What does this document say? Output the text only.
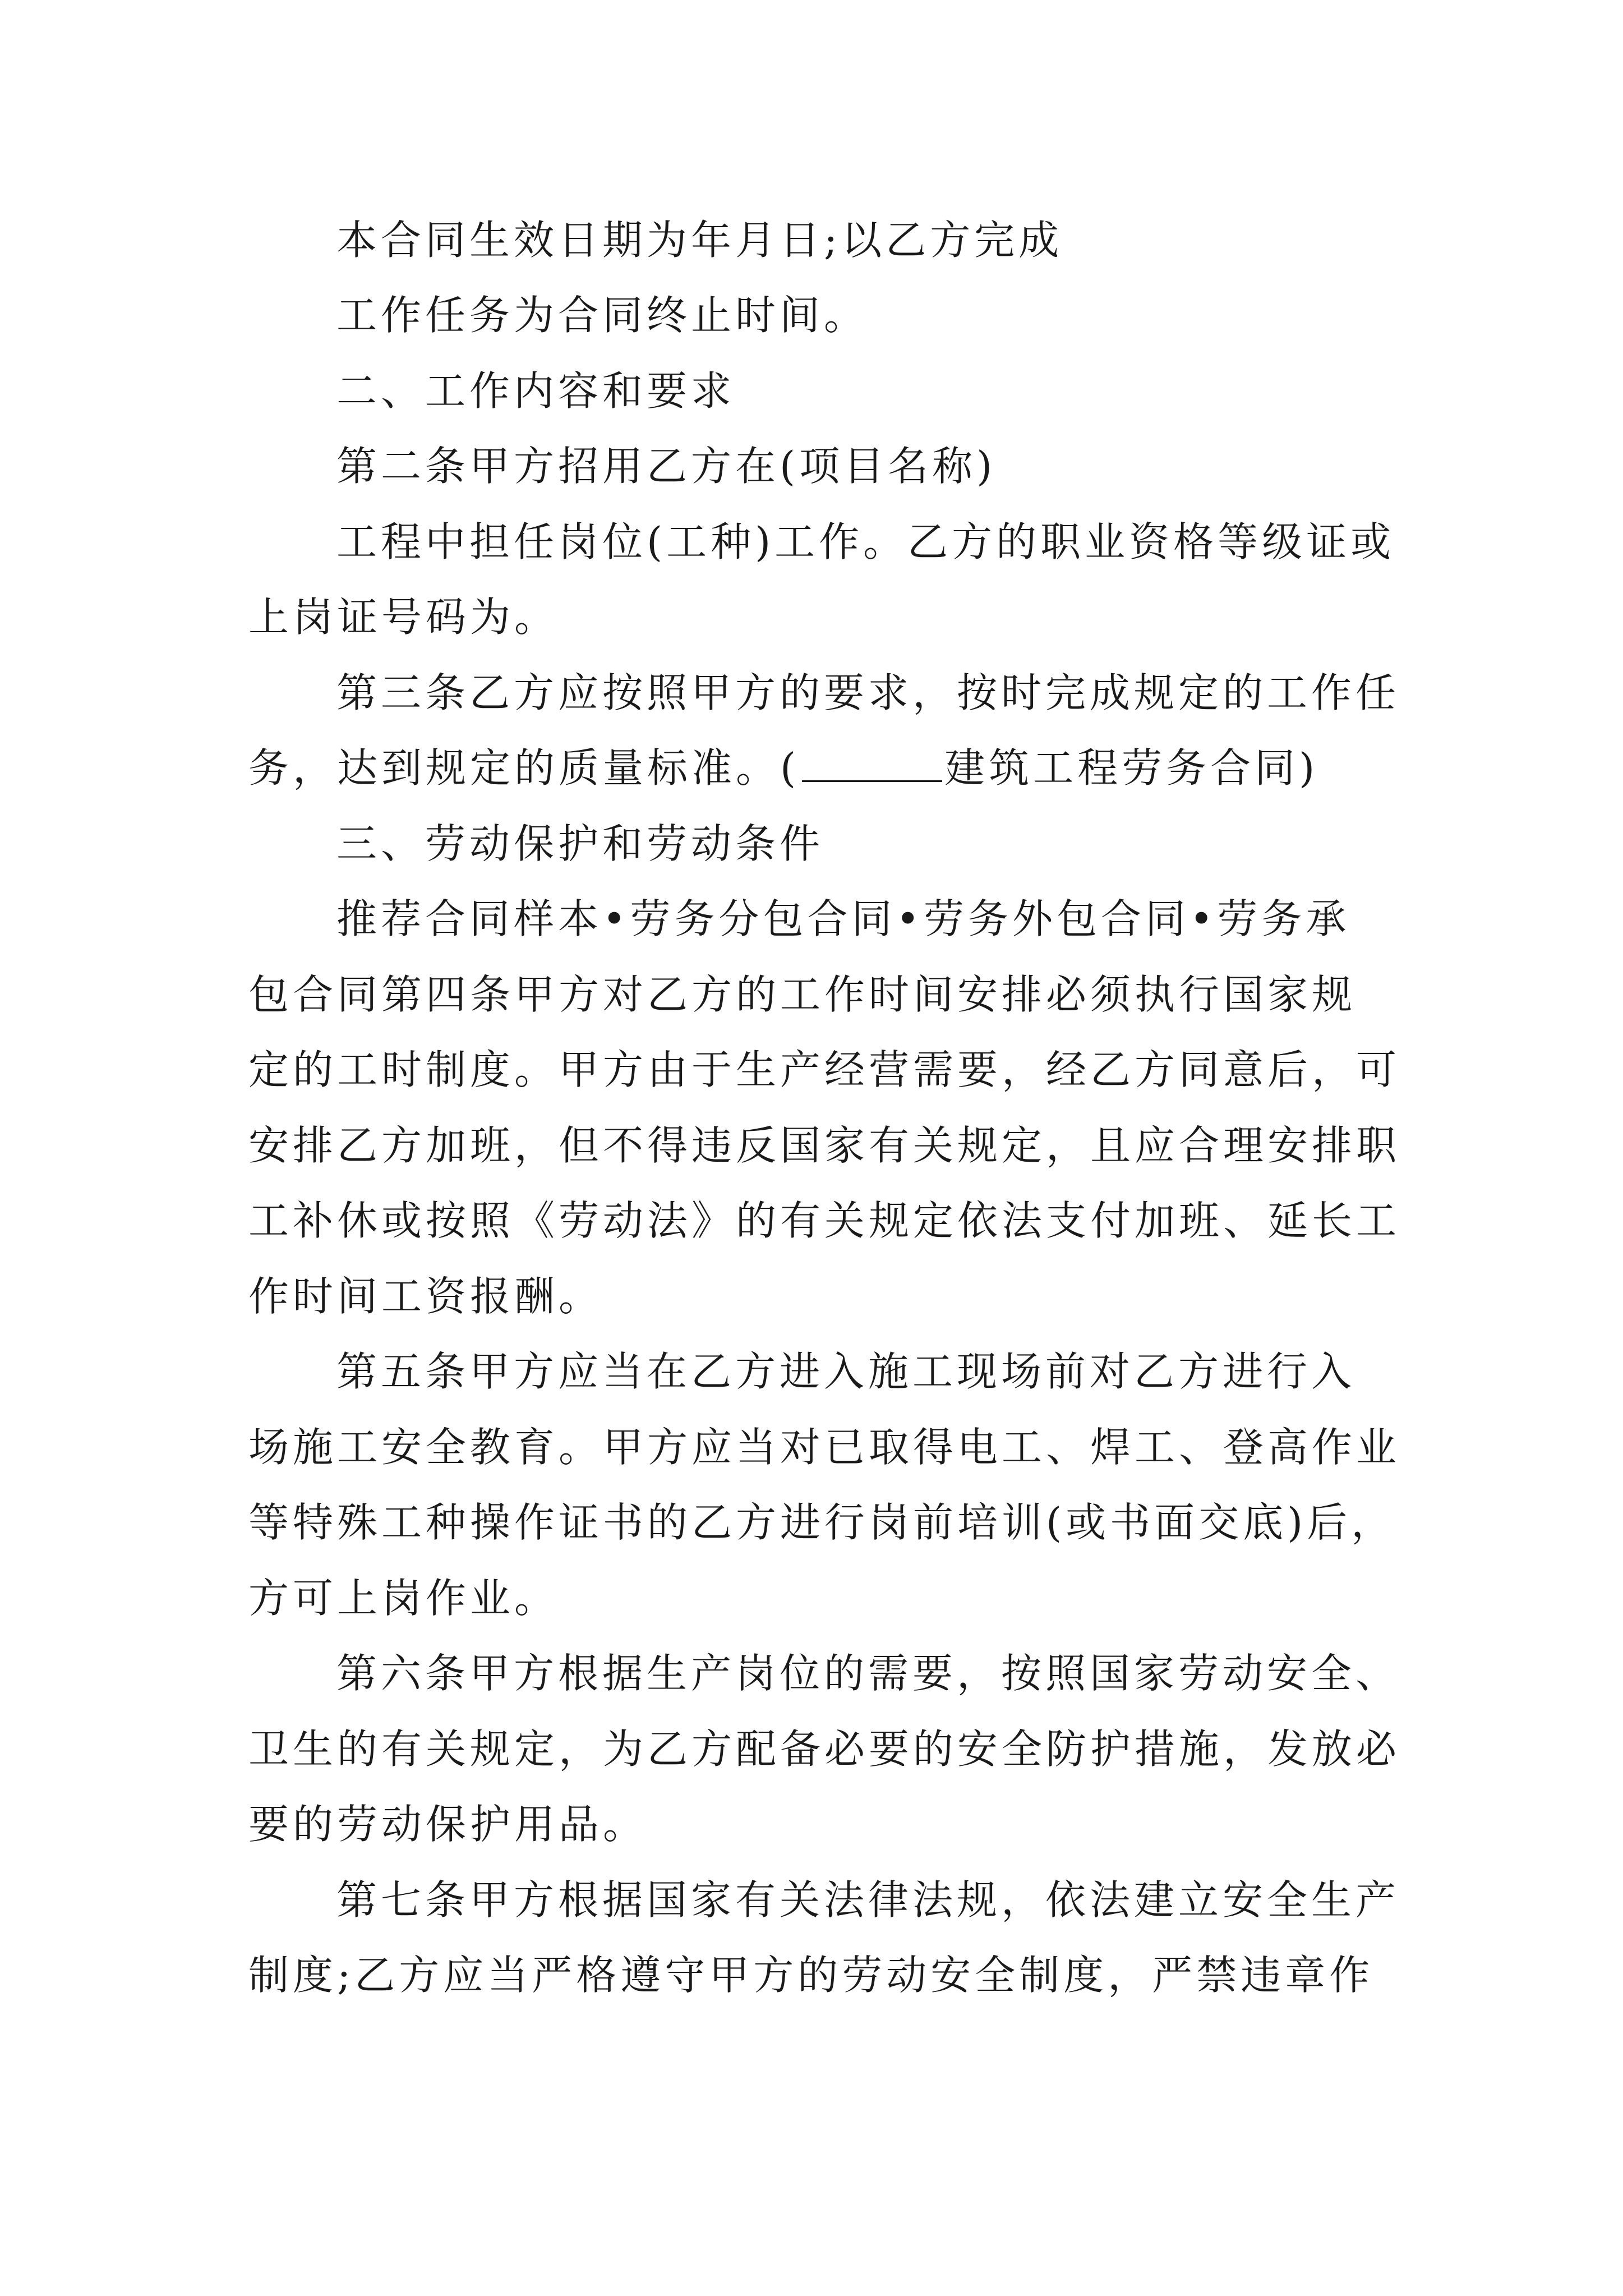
本合同生效日期为年月日;以乙方完成
工作任务为合同终止时间。
二、工作内容和要求
第二条甲方招用乙方在(项目名称)
工程中担任岗位(工种)工作。乙方的职业资格等级证或
上岗证号码为。
第三条乙方应按照甲方的要求，按时完成规定的工作任
务，达到规定的质量标准。(	建筑工程劳务合同)
三、劳动保护和劳动条件
推荐合同样本•劳务分包合同•劳务外包合同•劳务承
包合同第四条甲方对乙方的工作时间安排必须执行国家规
定的工时制度。甲方由于生产经营需要，经乙方同意后，可
安排乙方加班，但不得违反国家有关规定，且应合理安排职
工补休或按照《劳动法》的有关规定依法支付加班、延长工
作时间工资报酬。
第五条甲方应当在乙方进入施工现场前对乙方进行入
场施工安全教育。甲方应当对已取得电工、焊工、登高作业
等特殊工种操作证书的乙方进行岗前培训(或书面交底)后，
方可上岗作业。
第六条甲方根据生产岗位的需要，按照国家劳动安全、
卫生的有关规定，为乙方配备必要的安全防护措施，发放必
要的劳动保护用品。
第七条甲方根据国家有关法律法规，依法建立安全生产
制度;乙方应当严格遵守甲方的劳动安全制度，严禁违章作
